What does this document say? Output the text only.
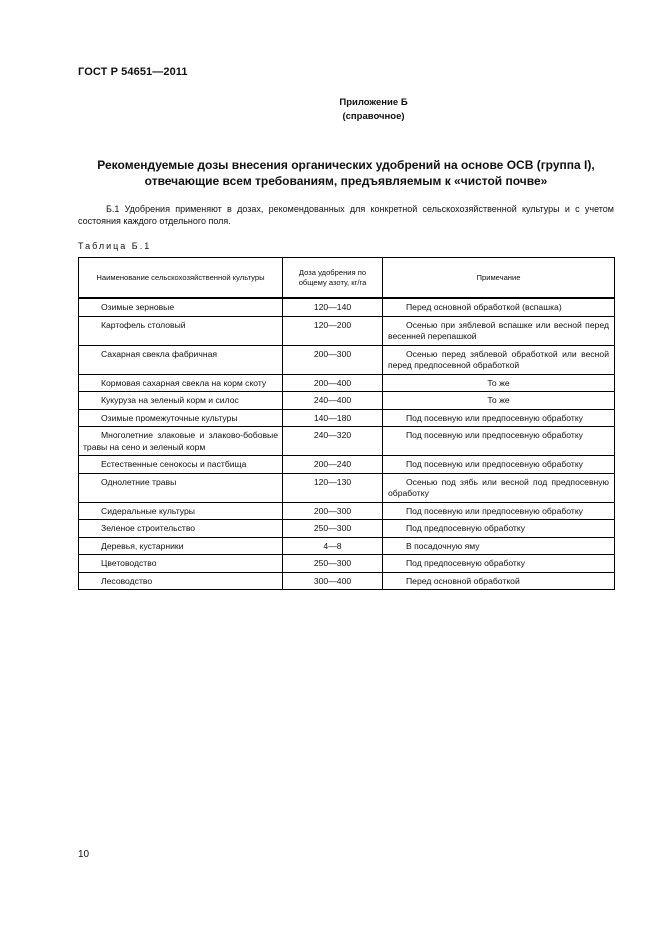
ГОСТ Р 54651—2011
Приложение Б
(справочное)
Рекомендуемые дозы внесения органических удобрений на основе ОСВ (группа I),
отвечающие всем требованиям, предъявляемым к «чистой почве»
Б.1 Удобрения применяют в дозах, рекомендованных для конкретной сельскохозяйственной культуры и с учетом состояния каждого отдельного поля.
Таблица Б.1
Наименование сельскохозяйственной культуры	Доза удобрения по общему азоту, кг/га	Примечание
Озимые зерновые	120—140	Перед основной обработкой (вспашка)
Картофель столовый	120—200	Осенью при зяблевой вспашке или весной перед весенней перепашкой
Сахарная свекла фабричная	200—300	Осенью перед зяблевой обработкой или весной перед предпосевной обработкой
Кормовая сахарная свекла на корм скоту	200—400	То же
Кукуруза на зеленый корм и силос	240—400	То же
Озимые промежуточные культуры	140—180	Под посевную или предпосевную обработку
Многолетние злаковые и злаково-бобовые травы на сено и зеленый корм	240—320	Под посевную или предпосевную обработку
Естественные сенокосы и пастбища	200—240	Под посевную или предпосевную обработку
Однолетние травы	120—130	Осенью под зябь или весной под предпосевную обработку
Сидеральные культуры	200—300	Под посевную или предпосевную обработку
Зеленое строительство	250—300	Под предпосевную обработку
Деревья, кустарники	4—8	В посадочную яму
Цветоводство	250—300	Под предпосевную обработку
Лесоводство	300—400	Перед основной обработкой
10
